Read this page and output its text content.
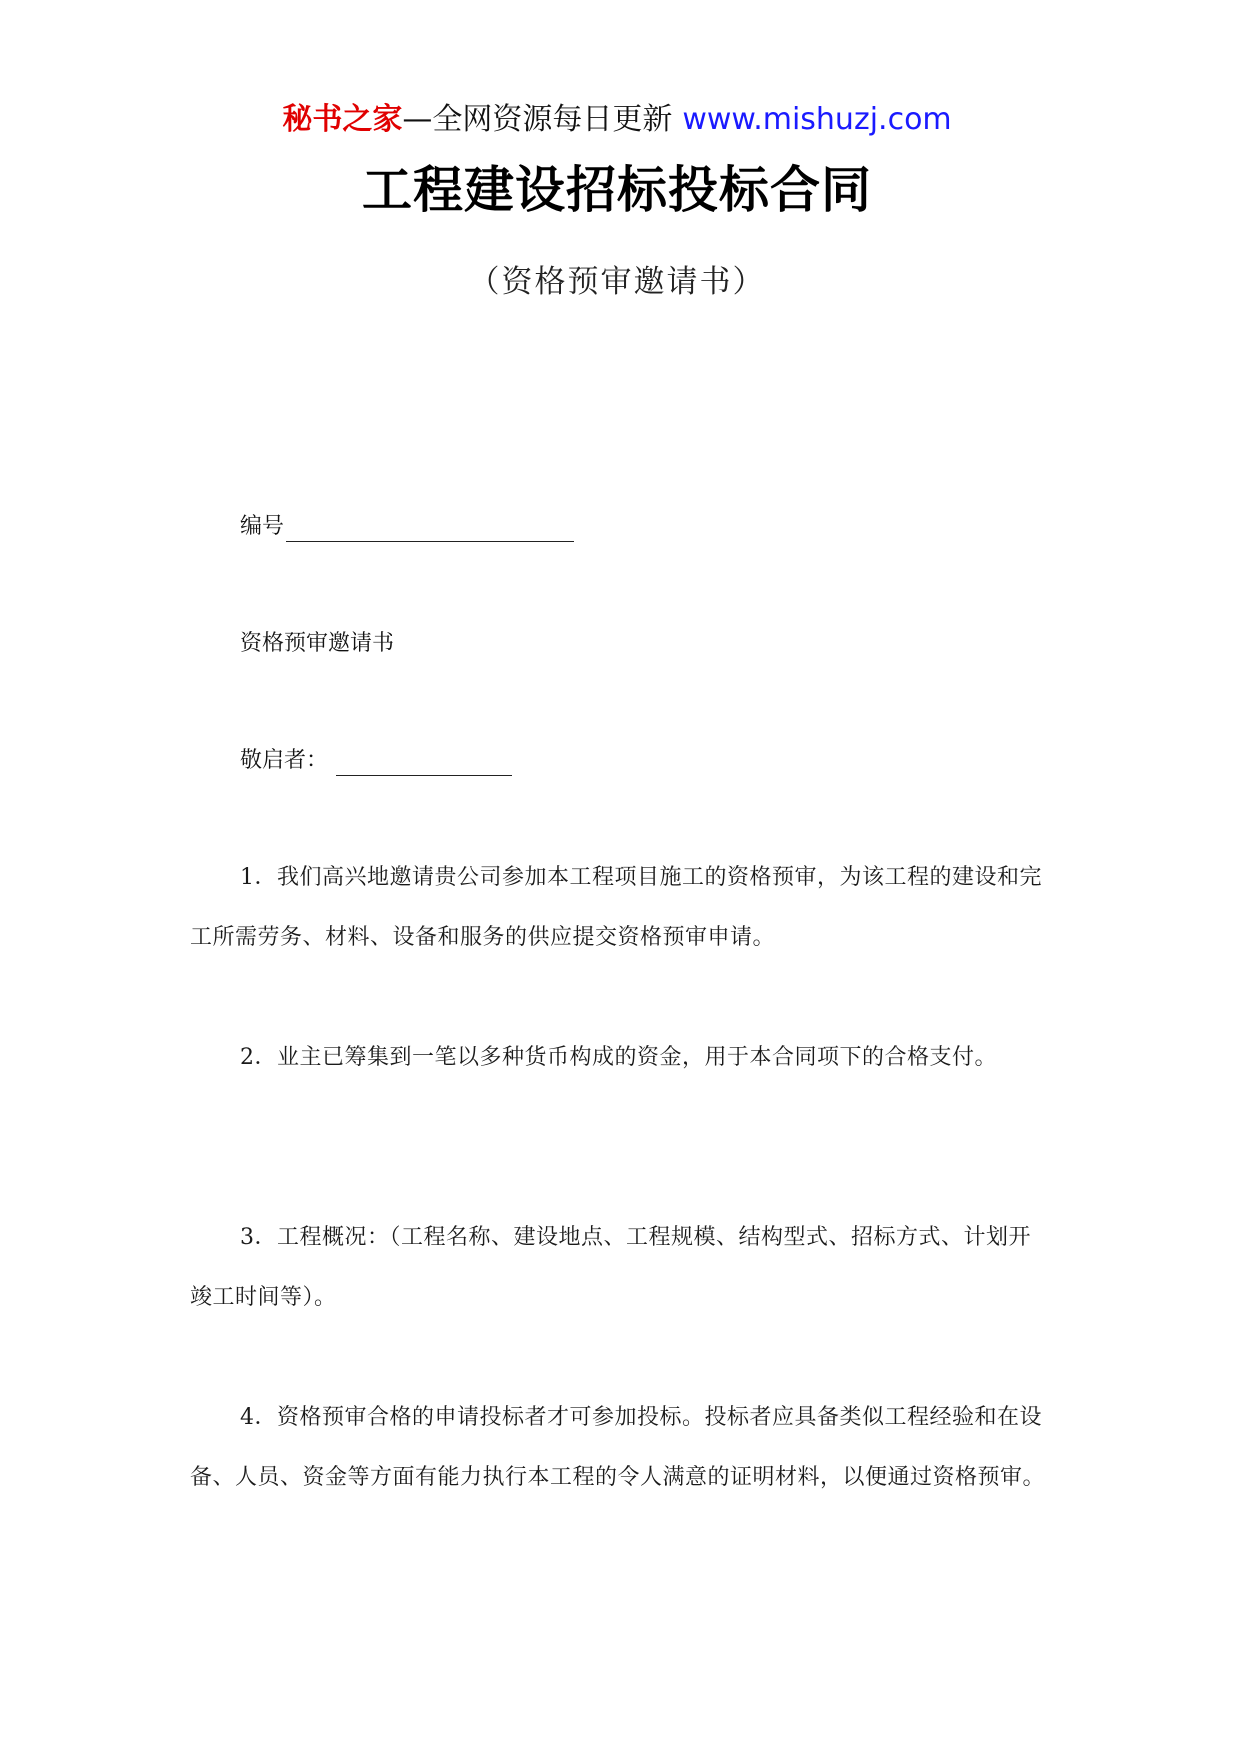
秘书之家—全网资源每日更新 www.mishuzj.com
工程建设招标投标合同
（资格预审邀请书）
编号
资格预审邀请书
敬启者：

1．我们高兴地邀请贵公司参加本工程项目施工的资格预审，为该工程的建设和完工所需劳务、材料、设备和服务的供应提交资格预审申请。

2．业主已筹集到一笔以多种货币构成的资金，用于本合同项下的合格支付。

3．工程概况：（工程名称、建设地点、工程规模、结构型式、招标方式、计划开竣工时间等）。

4．资格预审合格的申请投标者才可参加投标。投标者应具备类似工程经验和在设备、人员、资金等方面有能力执行本工程的令人满意的证明材料，以便通过资格预审。
